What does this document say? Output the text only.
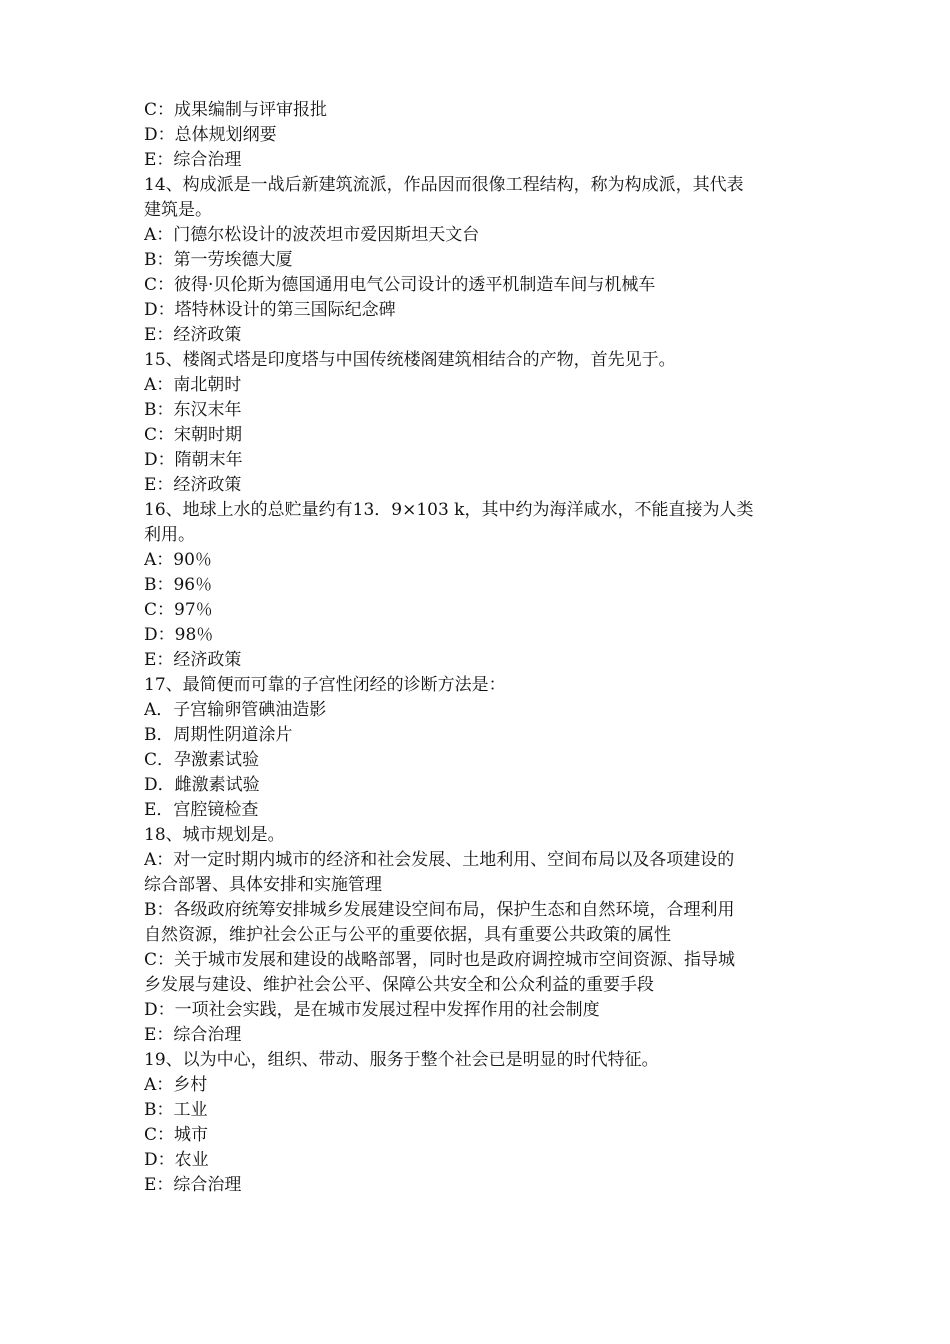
C：成果编制与评审报批
D：总体规划纲要
E：综合治理
14、构成派是一战后新建筑流派，作品因而很像工程结构，称为构成派，其代表
建筑是。
A：门德尔松设计的波茨坦市爱因斯坦天文台
B：第一劳埃德大厦
C：彼得·贝伦斯为德国通用电气公司设计的透平机制造车间与机械车
D：塔特林设计的第三国际纪念碑
E：经济政策
15、楼阁式塔是印度塔与中国传统楼阁建筑相结合的产物，首先见于。
A：南北朝时
B：东汉末年
C：宋朝时期
D：隋朝末年
E：经济政策
16、地球上水的总贮量约有13．9×103 k，其中约为海洋咸水，不能直接为人类
利用。
A：90％
B：96％
C：97％
D：98％
E：经济政策
17、最简便而可靠的子宫性闭经的诊断方法是：
A．子宫输卵管碘油造影
B．周期性阴道涂片
C．孕激素试验
D．雌激素试验
E．宫腔镜检查
18、城市规划是。
A：对一定时期内城市的经济和社会发展、土地利用、空间布局以及各项建设的
综合部署、具体安排和实施管理
B：各级政府统筹安排城乡发展建设空间布局，保护生态和自然环境，合理利用
自然资源，维护社会公正与公平的重要依据，具有重要公共政策的属性
C：关于城市发展和建设的战略部署，同时也是政府调控城市空间资源、指导城
乡发展与建设、维护社会公平、保障公共安全和公众利益的重要手段
D：一项社会实践，是在城市发展过程中发挥作用的社会制度
E：综合治理
19、以为中心，组织、带动、服务于整个社会已是明显的时代特征。
A：乡村
B：工业
C：城市
D：农业
E：综合治理
